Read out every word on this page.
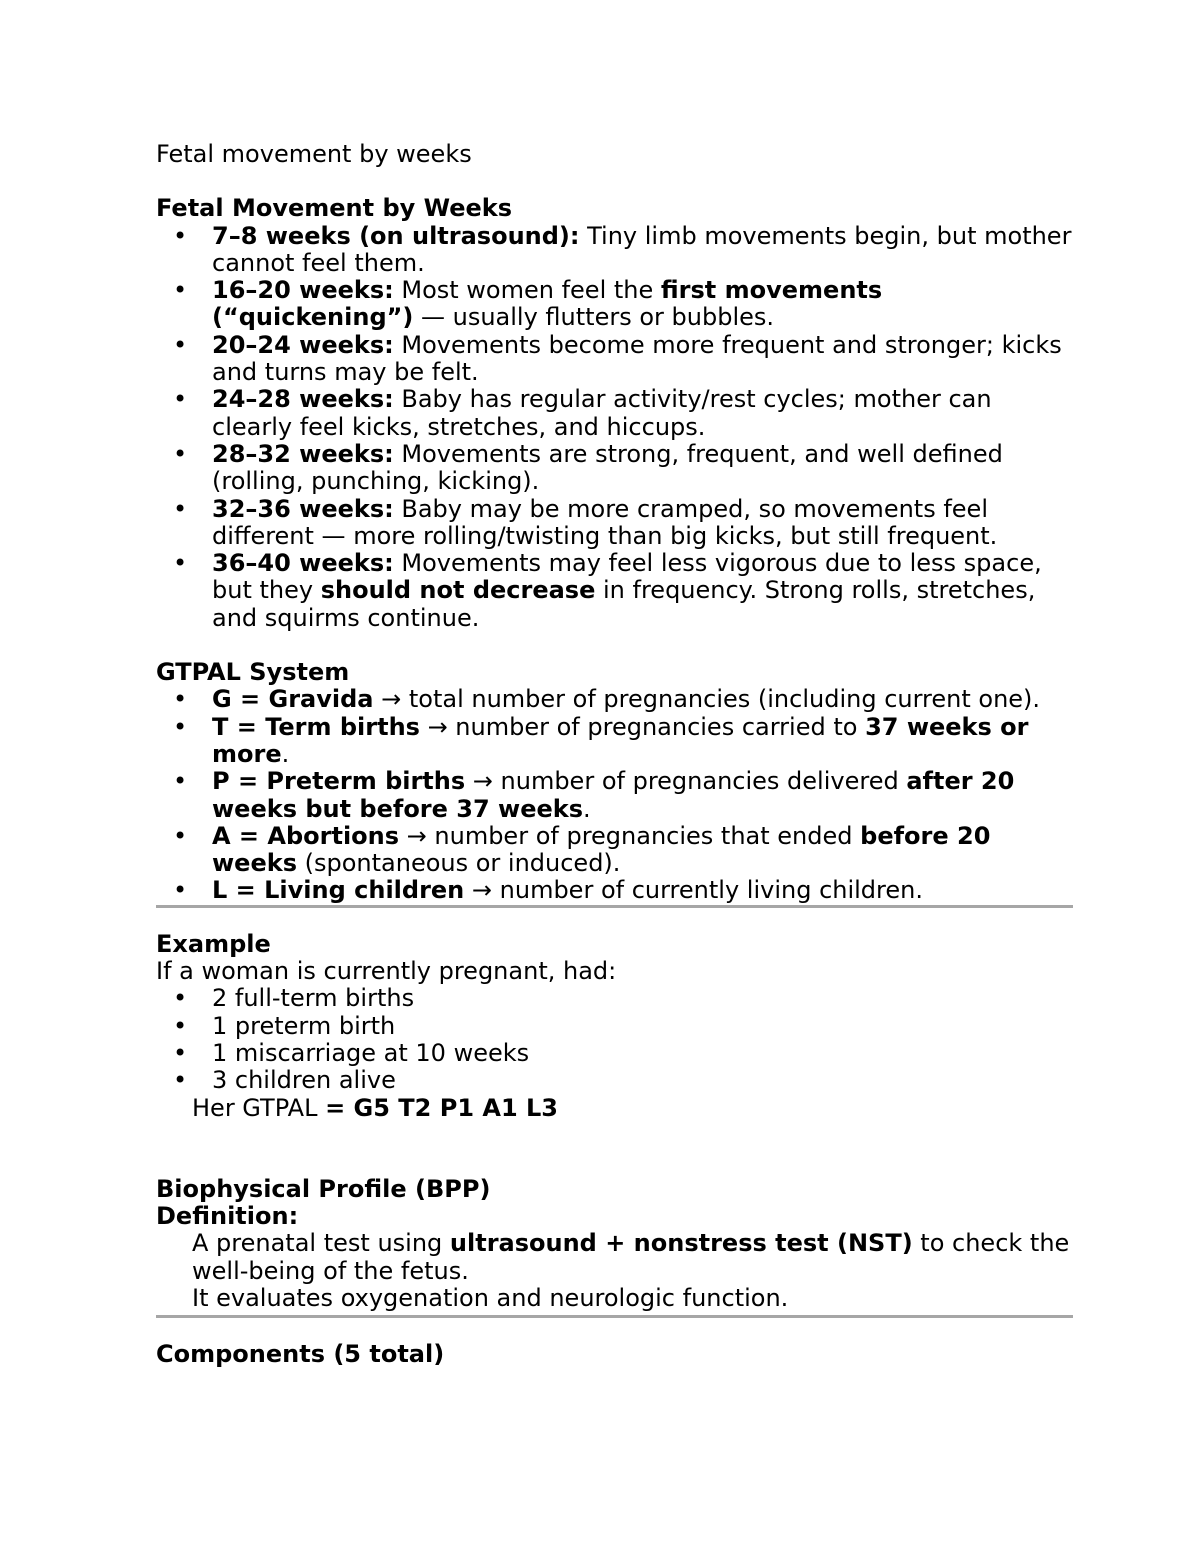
Fetal movement by weeks
Fetal Movement by Weeks
• 7–8 weeks (on ultrasound): Tiny limb movements begin, but mother
cannot feel them.
• 16–20 weeks: Most women feel the first movements
(“quickening”) — usually flutters or bubbles.
• 20–24 weeks: Movements become more frequent and stronger; kicks
and turns may be felt.
• 24–28 weeks: Baby has regular activity/rest cycles; mother can
clearly feel kicks, stretches, and hiccups.
• 28–32 weeks: Movements are strong, frequent, and well defined
(rolling, punching, kicking).
• 32–36 weeks: Baby may be more cramped, so movements feel
different — more rolling/twisting than big kicks, but still frequent.
• 36–40 weeks: Movements may feel less vigorous due to less space,
but they should not decrease in frequency. Strong rolls, stretches,
and squirms continue.
GTPAL System
• G = Gravida → total number of pregnancies (including current one).
• T = Term births → number of pregnancies carried to 37 weeks or
more.
• P = Preterm births → number of pregnancies delivered after 20
weeks but before 37 weeks.
• A = Abortions → number of pregnancies that ended before 20
weeks (spontaneous or induced).
• L = Living children → number of currently living children.
Example
If a woman is currently pregnant, had:
• 2 full-term births
• 1 preterm birth
• 1 miscarriage at 10 weeks
• 3 children alive
Her GTPAL = G5 T2 P1 A1 L3
Biophysical Profile (BPP)
Definition:
A prenatal test using ultrasound + nonstress test (NST) to check the
well-being of the fetus.
It evaluates oxygenation and neurologic function.
Components (5 total)
